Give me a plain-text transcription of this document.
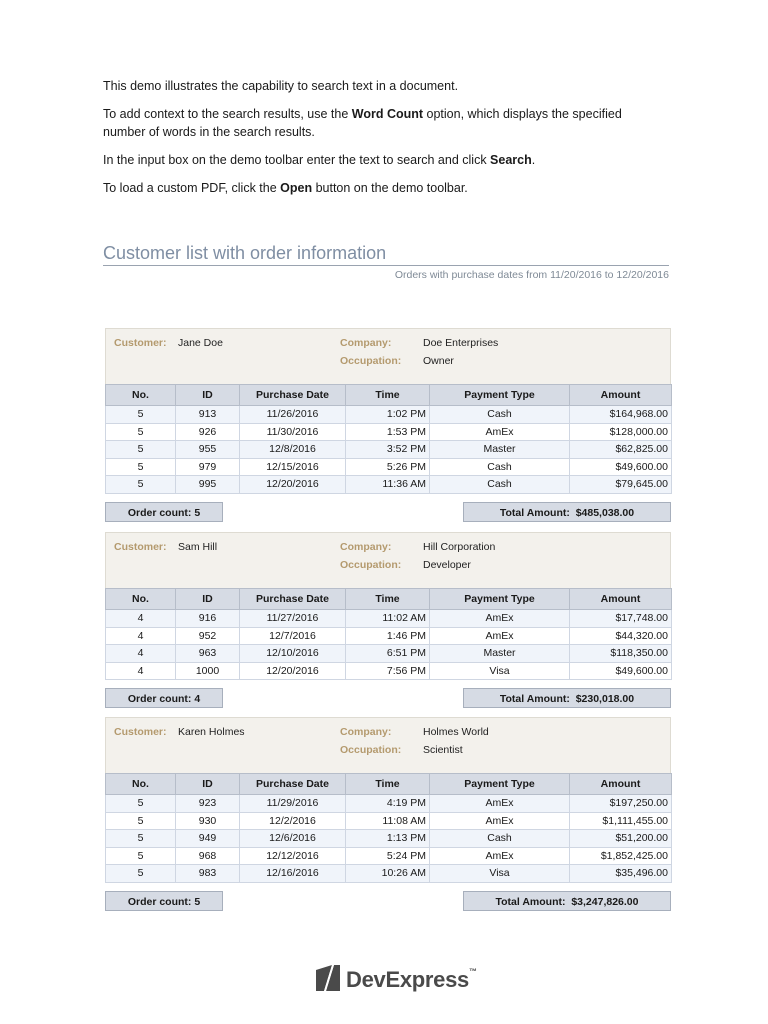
This demo illustrates the capability to search text in a document.

To add context to the search results, use the Word Count option, which displays the specified number of words in the search results.

In the input box on the demo toolbar enter the text to search and click Search.

To load a custom PDF, click the Open button on the demo toolbar.

Customer list with order information
Orders with purchase dates from 11/20/2016 to 12/20/2016
Customer: Jane Doe	Company:	Doe Enterprises
Occupation: Owner
No.	ID	Purchase Date	Time	Payment Type	Amount
5	913	11/26/2016	1:02 PM	Cash	$164,968.00
5	926	11/30/2016	1:53 PM	AmEx	$128,000.00
5	955	12/8/2016	3:52 PM	Master	$62,825.00
5	979	12/15/2016	5:26 PM	Cash	$49,600.00
5	995	12/20/2016	11:36 AM	Cash	$79,645.00
Order count: 5	Total Amount: $485,038.00
Customer: Sam Hill	Company:	Hill Corporation
Occupation: Developer
No.	ID	Purchase Date	Time	Payment Type	Amount
4	916	11/27/2016	11:02 AM	AmEx	$17,748.00
4	952	12/7/2016	1:46 PM	AmEx	$44,320.00
4	963	12/10/2016	6:51 PM	Master	$118,350.00
4	1000	12/20/2016	7:56 PM	Visa	$49,600.00
Order count: 4	Total Amount: $230,018.00
Customer: Karen Holmes	Company:	Holmes World
Occupation: Scientist
No.	ID	Purchase Date	Time	Payment Type	Amount
5	923	11/29/2016	4:19 PM	AmEx	$197,250.00
5	930	12/2/2016	11:08 AM	AmEx	$1,111,455.00
5	949	12/6/2016	1:13 PM	Cash	$51,200.00
5	968	12/12/2016	5:24 PM	AmEx	$1,852,425.00
5	983	12/16/2016	10:26 AM	Visa	$35,496.00
Order count: 5	Total Amount: $3,247,826.00
DevExpress™
